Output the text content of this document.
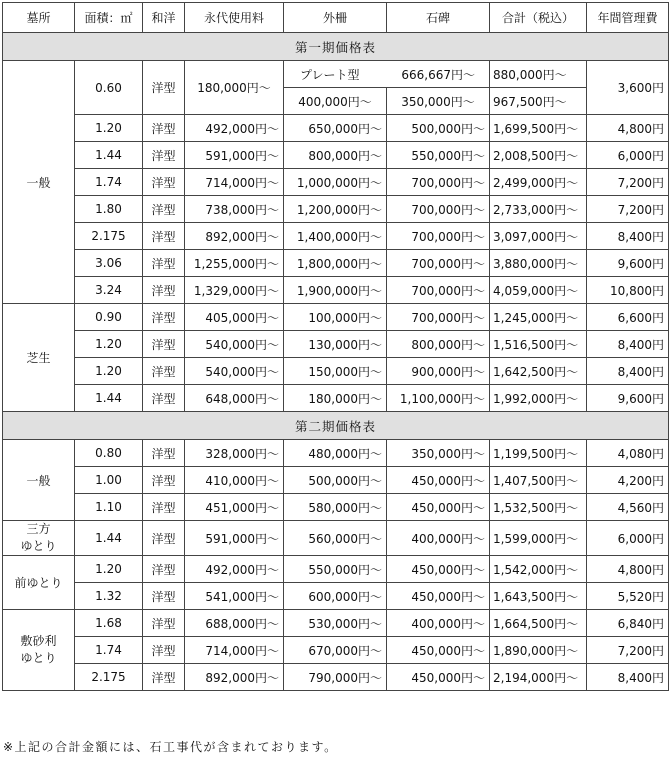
墓所	面積：㎡	和洋	永代使用料	外柵	石碑	合計（税込）	年間管理費
第一期価格表							
一般	0.60	洋型	180,000円～	プレート型 666,667円～		880,000円～	3,600円
				400,000円～	350,000円～	967,500円～	
	1.20	洋型	492,000円～	650,000円～	500,000円～	1,699,500円～	4,800円
	1.44	洋型	591,000円～	800,000円～	550,000円～	2,008,500円～	6,000円
	1.74	洋型	714,000円～	1,000,000円～	700,000円～	2,499,000円～	7,200円
	1.80	洋型	738,000円～	1,200,000円～	700,000円～	2,733,000円～	7,200円
	2.175	洋型	892,000円～	1,400,000円～	700,000円～	3,097,000円～	8,400円
	3.06	洋型	1,255,000円～	1,800,000円～	700,000円～	3,880,000円～	9,600円
	3.24	洋型	1,329,000円～	1,900,000円～	700,000円～	4,059,000円～	10,800円
芝生	0.90	洋型	405,000円～	100,000円～	700,000円～	1,245,000円～	6,600円
	1.20	洋型	540,000円～	130,000円～	800,000円～	1,516,500円～	8,400円
	1.20	洋型	540,000円～	150,000円～	900,000円～	1,642,500円～	8,400円
	1.44	洋型	648,000円～	180,000円～	1,100,000円～	1,992,000円～	9,600円
第二期価格表							
一般	0.80	洋型	328,000円～	480,000円～	350,000円～	1,199,500円～	4,080円
	1.00	洋型	410,000円～	500,000円～	450,000円～	1,407,500円～	4,200円
	1.10	洋型	451,000円～	580,000円～	450,000円～	1,532,500円～	4,560円

三方
ゆとり	1.44	洋型	591,000円～	560,000円～	400,000円～	1,599,000円～	6,000円
前ゆとり	1.20	洋型	492,000円～	550,000円～	450,000円～	1,542,000円～	4,800円
	1.32	洋型	541,000円～	600,000円～	450,000円～	1,643,500円～	5,520円

敷砂利
ゆとり	1.68	洋型	688,000円～	530,000円～	400,000円～	1,664,500円～	6,840円
	1.74	洋型	714,000円～	670,000円～	450,000円～	1,890,000円～	7,200円
	2.175	洋型	892,000円～	790,000円～	450,000円～	2,194,000円～	8,400円
※上記の合計金額には、石工事代が含まれております。
